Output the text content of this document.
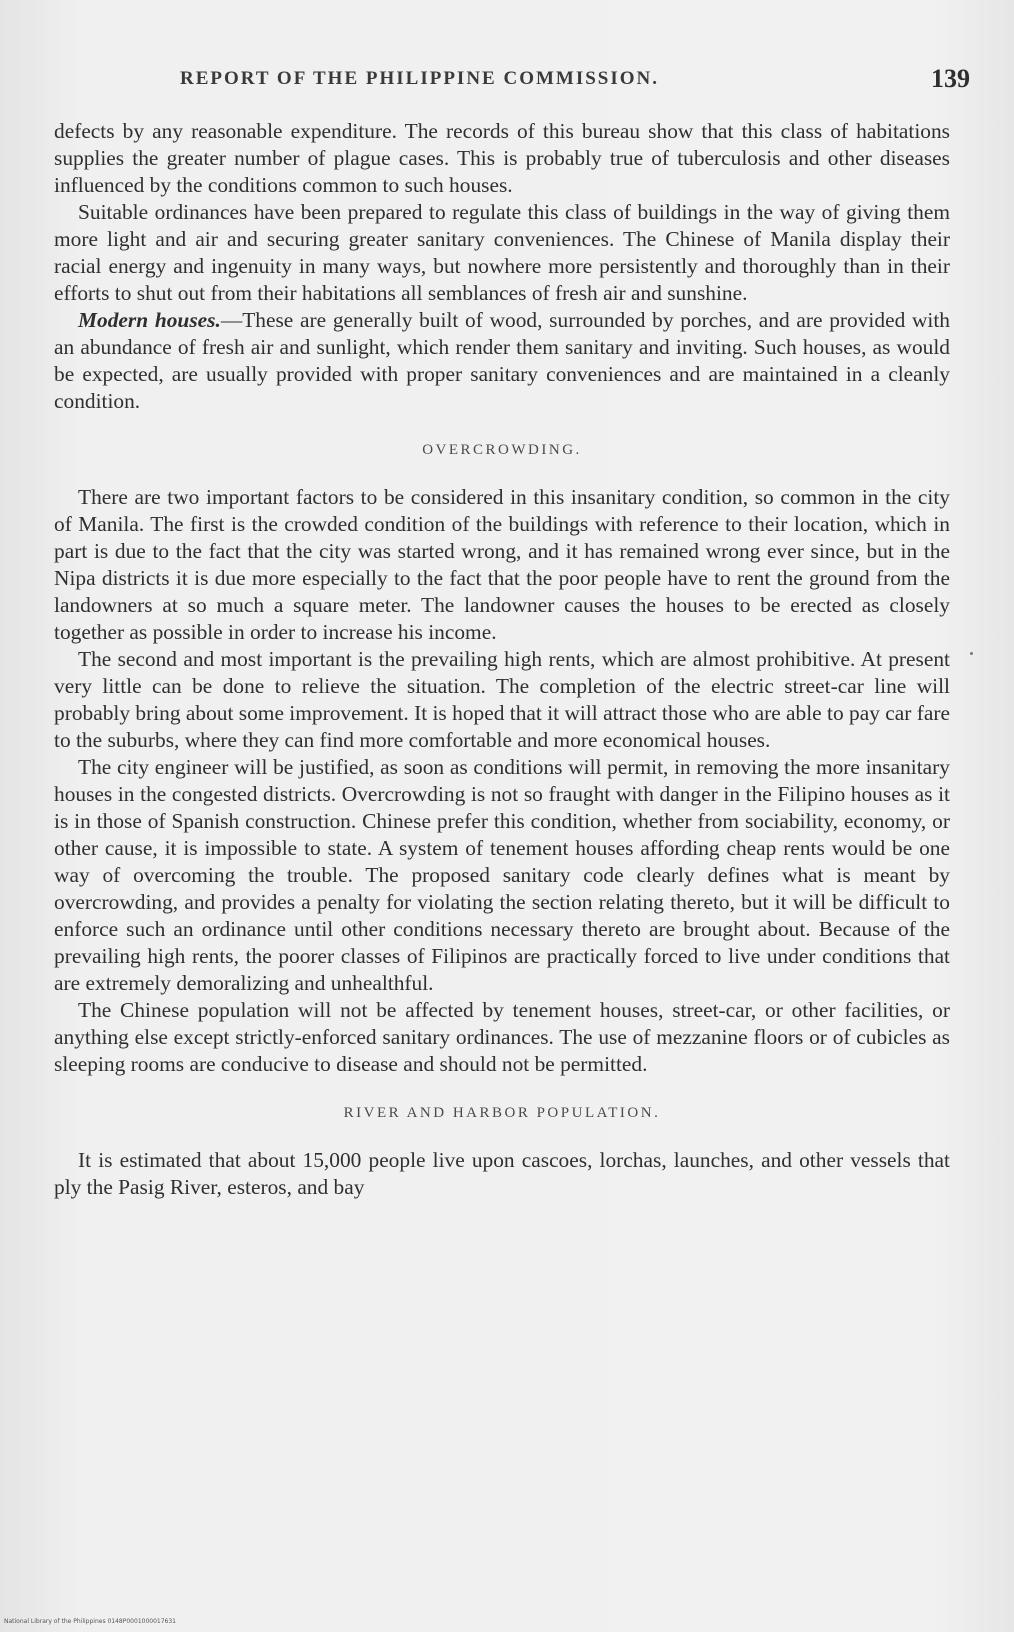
REPORT OF THE PHILIPPINE COMMISSION.	139

defects by any reasonable expenditure. The records of this bureau show that this class of habitations supplies the greater number of plague cases. This is probably true of tuberculosis and other diseases influenced by the conditions common to such houses.

Suitable ordinances have been prepared to regulate this class of buildings in the way of giving them more light and air and securing greater sanitary conveniences. The Chinese of Manila display their racial energy and ingenuity in many ways, but nowhere more persistently and thoroughly than in their efforts to shut out from their habitations all semblances of fresh air and sunshine.

Modern houses.—These are generally built of wood, surrounded by porches, and are provided with an abundance of fresh air and sunlight, which render them sanitary and inviting. Such houses, as would be expected, are usually provided with proper sanitary conveniences and are maintained in a cleanly condition.

OVERCROWDING.

There are two important factors to be considered in this insanitary condition, so common in the city of Manila. The first is the crowded condition of the buildings with reference to their location, which in part is due to the fact that the city was started wrong, and it has remained wrong ever since, but in the Nipa districts it is due more especially to the fact that the poor people have to rent the ground from the landowners at so much a square meter. The landowner causes the houses to be erected as closely together as possible in order to increase his income.

The second and most important is the prevailing high rents, which are almost prohibitive. At present very little can be done to relieve the situation. The completion of the electric street-car line will probably bring about some improvement. It is hoped that it will attract those who are able to pay car fare to the suburbs, where they can find more comfortable and more economical houses.

The city engineer will be justified, as soon as conditions will permit, in removing the more insanitary houses in the congested districts. Overcrowding is not so fraught with danger in the Filipino houses as it is in those of Spanish construction. Chinese prefer this condition, whether from sociability, economy, or other cause, it is impossible to state. A system of tenement houses affording cheap rents would be one way of overcoming the trouble. The proposed sanitary code clearly defines what is meant by overcrowding, and provides a penalty for violating the section relating thereto, but it will be difficult to enforce such an ordinance until other conditions necessary thereto are brought about. Because of the prevailing high rents, the poorer classes of Filipinos are practically forced to live under conditions that are extremely demoralizing and unhealthful.

The Chinese population will not be affected by tenement houses, street-car, or other facilities, or anything else except strictly-enforced sanitary ordinances. The use of mezzanine floors or of cubicles as sleeping rooms are conducive to disease and should not be permitted.

RIVER AND HARBOR POPULATION.

It is estimated that about 15,000 people live upon cascoes, lorchas, launches, and other vessels that ply the Pasig River, esteros, and bay

National Library of the Philippines 0148P0001000017631
